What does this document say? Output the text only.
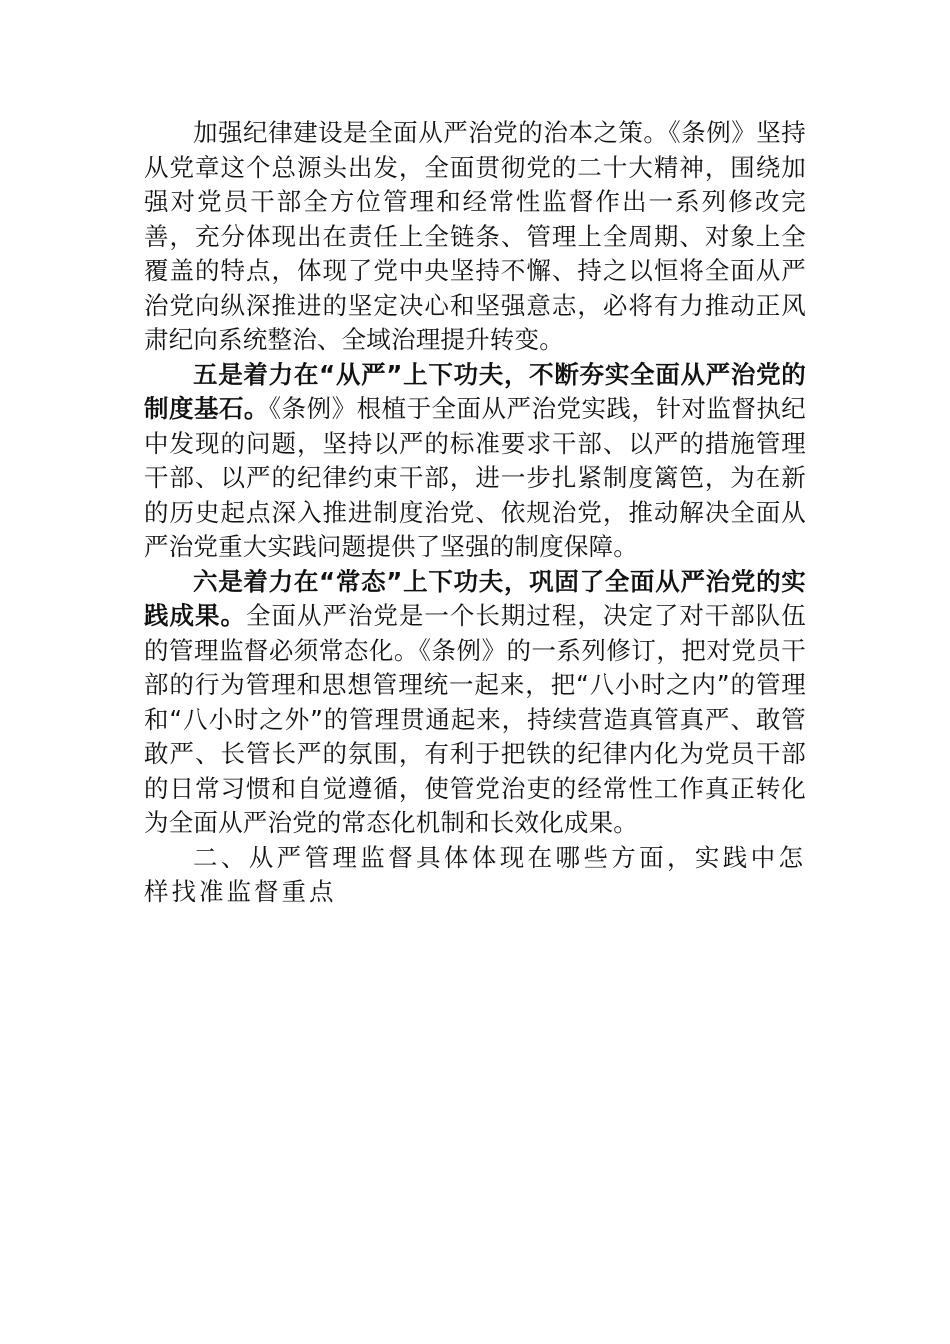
加强纪律建设是全面从严治党的治本之策。《条例》坚持从党章这个总源头出发，全面贯彻党的二十大精神，围绕加强对党员干部全方位管理和经常性监督作出一系列修改完善，充分体现出在责任上全链条、管理上全周期、对象上全覆盖的特点，体现了党中央坚持不懈、持之以恒将全面从严治党向纵深推进的坚定决心和坚强意志，必将有力推动正风肃纪向系统整治、全域治理提升转变。

五是着力在“从严”上下功夫，不断夯实全面从严治党的制度基石。《条例》根植于全面从严治党实践，针对监督执纪中发现的问题，坚持以严的标准要求干部、以严的措施管理干部、以严的纪律约束干部，进一步扎紧制度篱笆，为在新的历史起点深入推进制度治党、依规治党，推动解决全面从严治党重大实践问题提供了坚强的制度保障。

六是着力在“常态”上下功夫，巩固了全面从严治党的实践成果。全面从严治党是一个长期过程，决定了对干部队伍的管理监督必须常态化。《条例》的一系列修订，把对党员干部的行为管理和思想管理统一起来，把“八小时之内”的管理和“八小时之外”的管理贯通起来，持续营造真管真严、敢管敢严、长管长严的氛围，有利于把铁的纪律内化为党员干部的日常习惯和自觉遵循，使管党治吏的经常性工作真正转化为全面从严治党的常态化机制和长效化成果。

二、从严管理监督具体体现在哪些方面，实践中怎样找准监督重点
